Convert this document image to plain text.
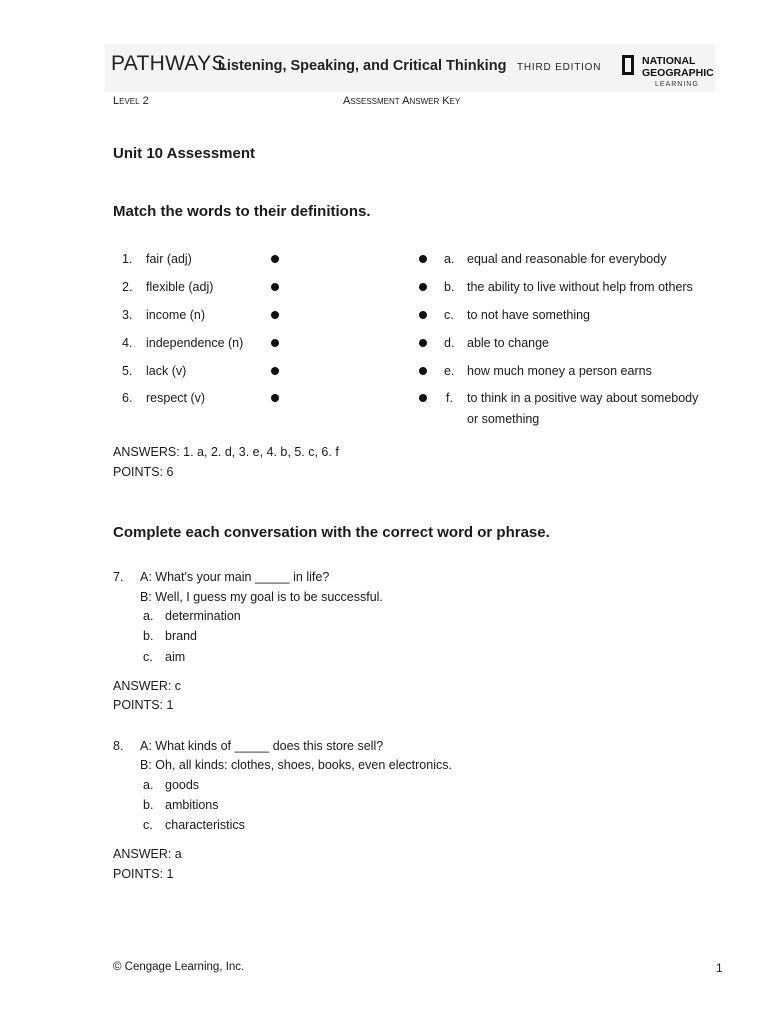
PATHWAYS
Listening, Speaking, and Critical Thinking THIRD EDITION
NATIONAL
GEOGRAPHIC
LEARNING
Level 2	Assessment Answer Key
Unit 10 Assessment
Match the words to their definitions.
1. fair (adj)	a. equal and reasonable for everybody
2. flexible (adj)	b. the ability to live without help from others
3. income (n)	c. to not have something
4. independence (n)	d. able to change
5. lack (v)	e. how much money a person earns
6. respect (v)	f. to think in a positive way about somebody
or something
ANSWERS: 1. a, 2. d, 3. e, 4. b, 5. c, 6. f
POINTS: 6
Complete each conversation with the correct word or phrase.
7. A: What's your main _____ in life?
B: Well, I guess my goal is to be successful.
a. determination
b. brand
c. aim
ANSWER: c
POINTS: 1
8. A: What kinds of _____ does this store sell?
B: Oh, all kinds: clothes, shoes, books, even electronics.
a. goods
b. ambitions
c. characteristics
ANSWER: a
POINTS: 1
© Cengage Learning, Inc.	1
